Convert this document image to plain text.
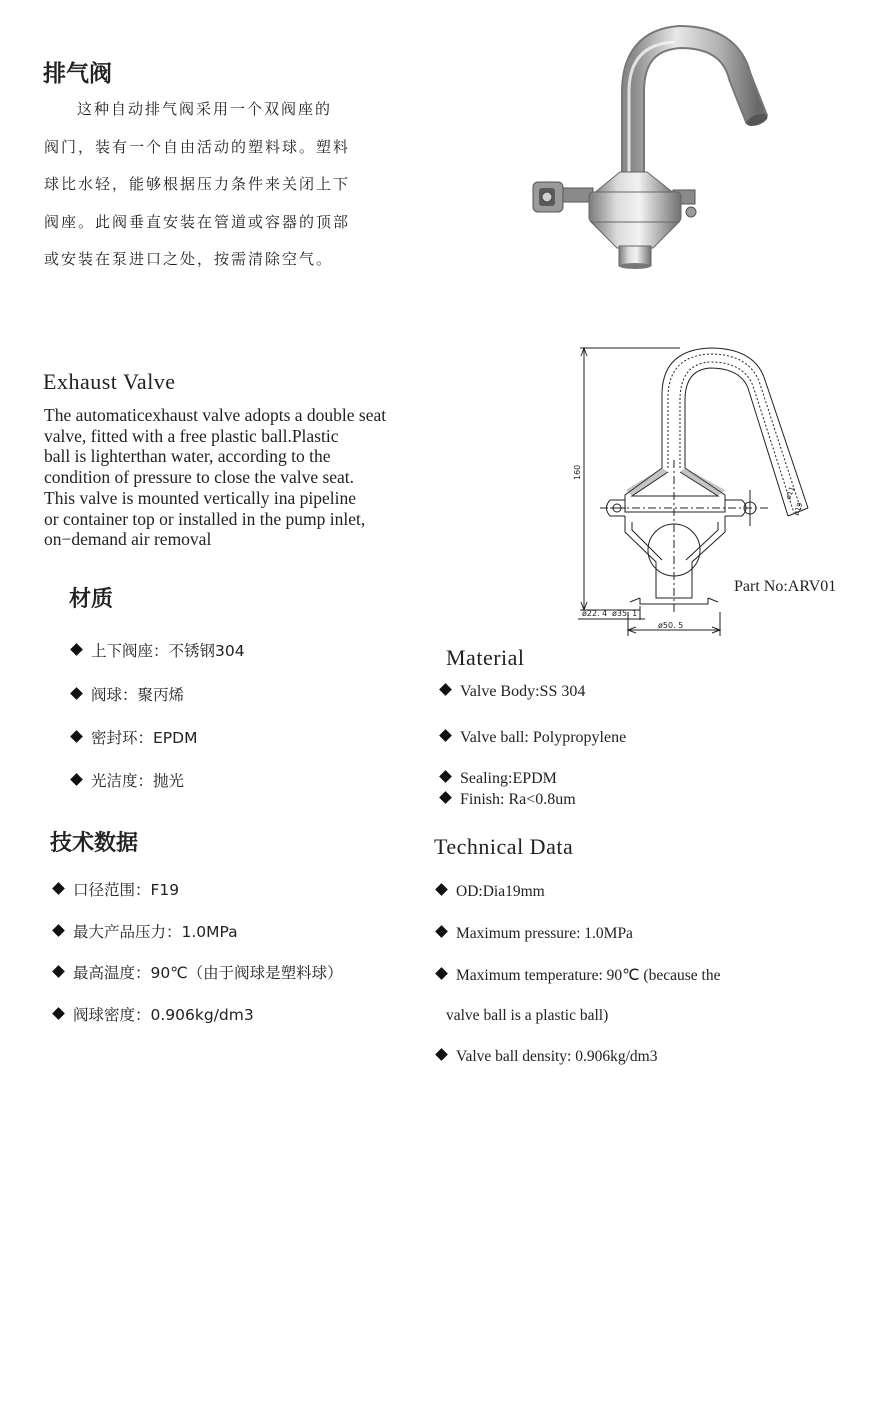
排气阀

这种自动排气阀采用一个双阀座的

阀门，装有一个自由活动的塑料球。塑料

球比水轻，能够根据压力条件来关闭上下

阀座。此阀垂直安装在管道或容器的顶部

或安装在泵进口之处，按需清除空气。

Exhaust Valve

The automaticexhaust valve adopts a double seat

valve, fitted with a free plastic ball.Plastic

ball is lighterthan water, according to the

condition of pressure to close the valve seat.

This valve is mounted vertically ina pipeline

or container top or installed in the pump inlet,

on−demand air removal

160
ø22. 4 ø35. 1
ø50. 5
ø11
ø19
Part No:ARV01
材质
上下阀座：不锈钢304
阀球：聚丙烯
密封环：EPDM
光洁度：抛光
Material
Valve Body:SS 304
Valve ball: Polypropylene
Sealing:EPDM
Finish: Ra<0.8um
技术数据
口径范围：F19
最大产品压力：1.0MPa
最高温度：90℃（由于阀球是塑料球）
阀球密度：0.906kg/dm3
Technical Data
OD:Dia19mm
Maximum pressure: 1.0MPa
Maximum temperature: 90℃ (because the
valve ball is a plastic ball)
Valve ball density: 0.906kg/dm3
